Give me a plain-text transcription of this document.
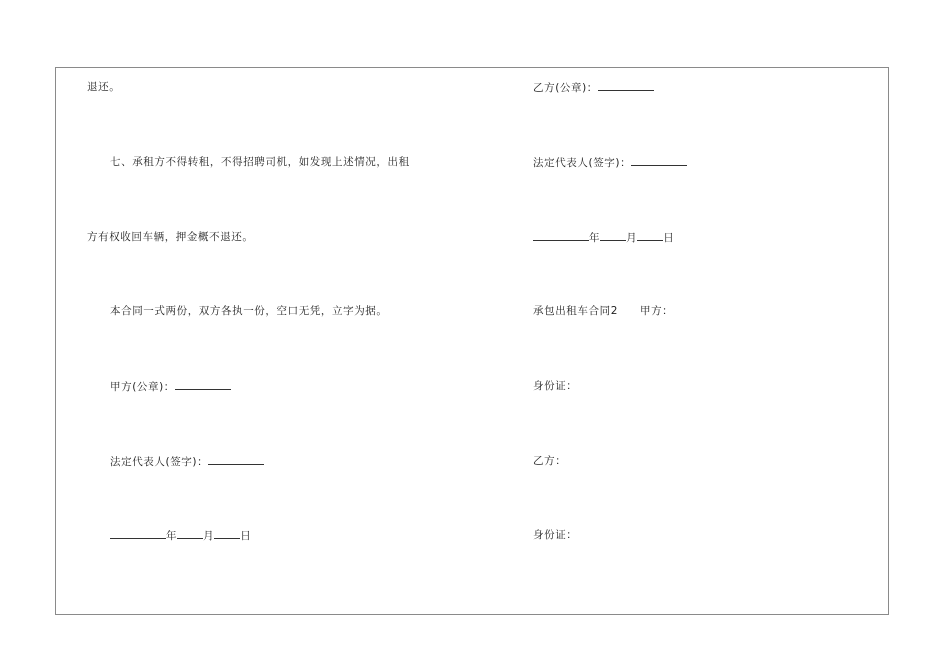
退还。
七、承租方不得转租，不得招聘司机，如发现上述情况，出租
方有权收回车辆，押金概不退还。
本合同一式两份，双方各执一份，空口无凭，立字为据。
甲方(公章)：
法定代表人(签字)：
年 月 日
乙方(公章)：
法定代表人(签字)：
年 月 日
承包出租车合同2 甲方：
身份证：
乙方：
身份证：
